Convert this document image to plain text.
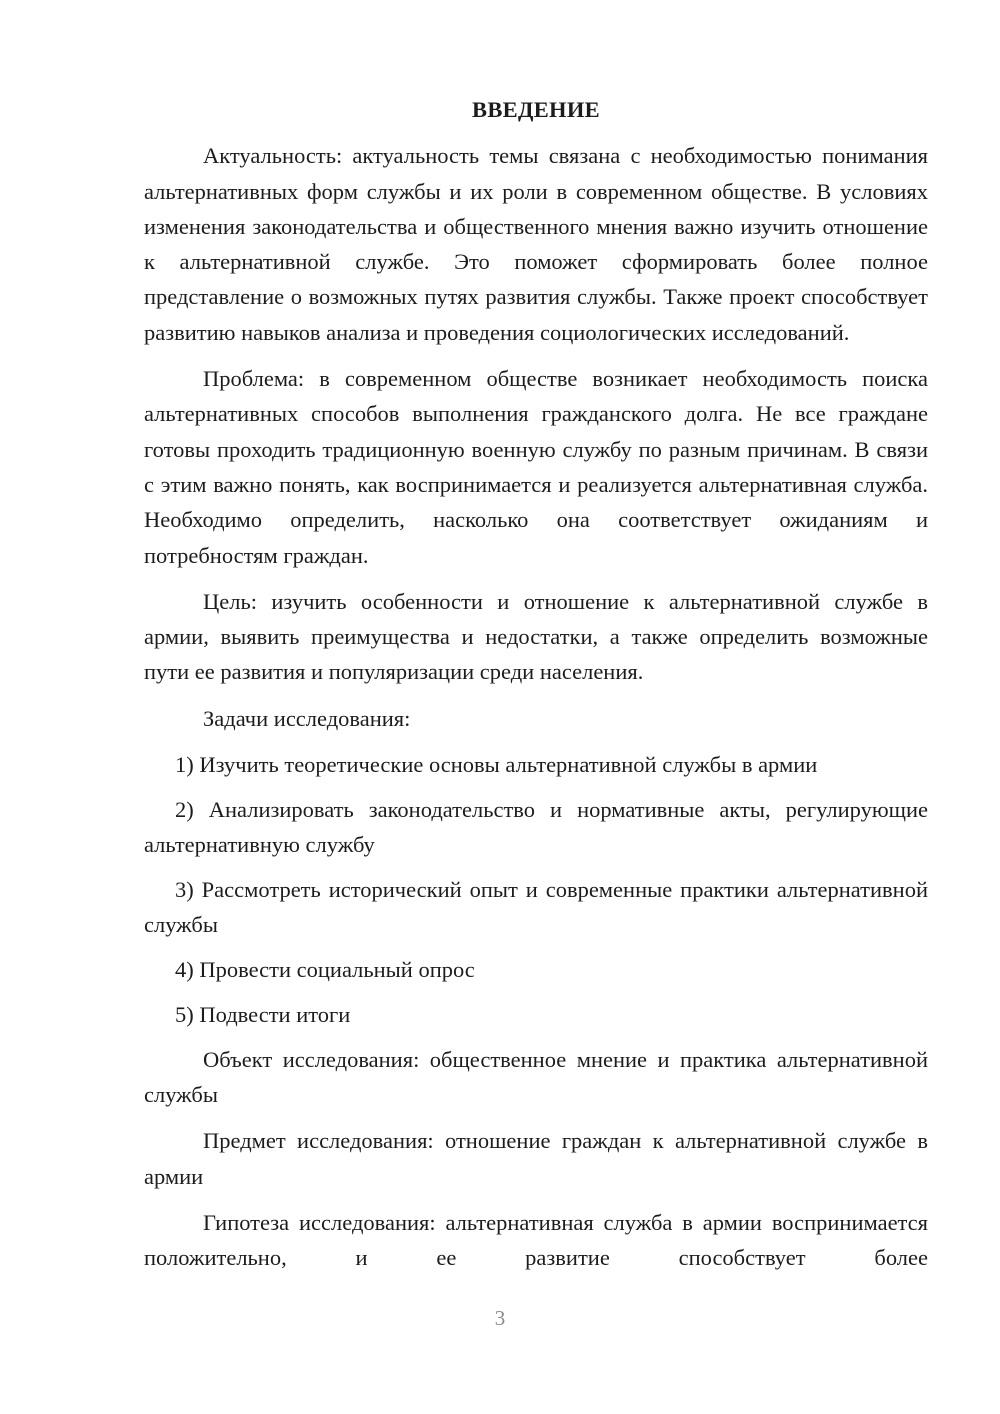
ВВЕДЕНИЕ

Актуальность: актуальность темы связана с необходимостью понимания альтернативных форм службы и их роли в современном обществе. В условиях изменения законодательства и общественного мнения важно изучить отношение к альтернативной службе. Это поможет сформировать более полное представление о возможных путях развития службы. Также проект способствует развитию навыков анализа и проведения социологических исследований.

Проблема: в современном обществе возникает необходимость поиска альтернативных способов выполнения гражданского долга. Не все граждане готовы проходить традиционную военную службу по разным причинам. В связи с этим важно понять, как воспринимается и реализуется альтернативная служба. Необходимо определить, насколько она соответствует ожиданиям и потребностям граждан.

Цель: изучить особенности и отношение к альтернативной службе в армии, выявить преимущества и недостатки, а также определить возможные пути ее развития и популяризации среди населения.

Задачи исследования:

1) Изучить теоретические основы альтернативной службы в армии

2) Анализировать законодательство и нормативные акты, регулирующие альтернативную службу

3) Рассмотреть исторический опыт и современные практики альтернативной службы

4) Провести социальный опрос

5) Подвести итоги

Объект исследования: общественное мнение и практика альтернативной службы

Предмет исследования: отношение граждан к альтернативной службе в армии

Гипотеза исследования: альтернативная служба в армии воспринимается положительно, и ее развитие способствует более

3
